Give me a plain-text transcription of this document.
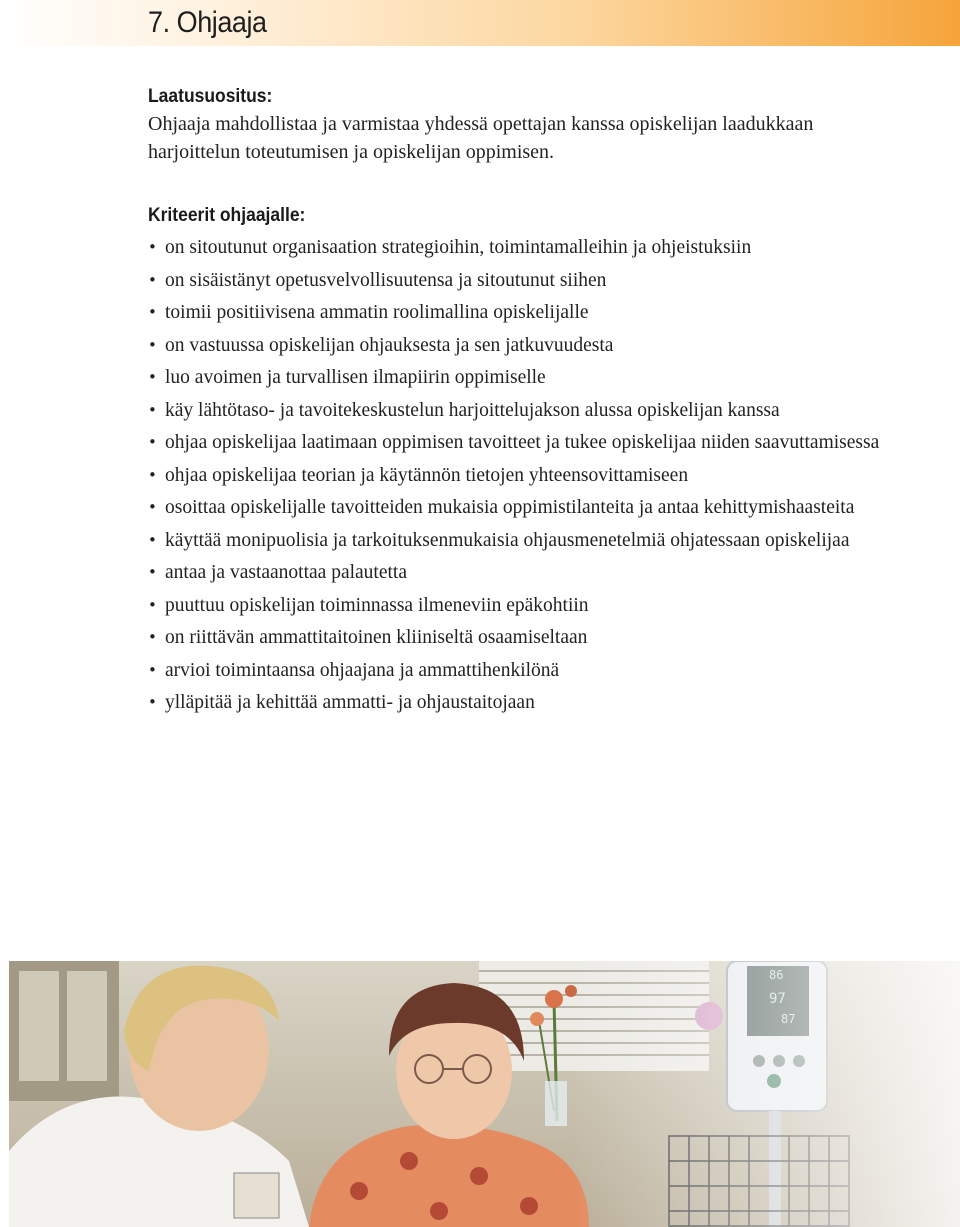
7. Ohjaaja

Laatusuositus:

Ohjaaja mahdollistaa ja varmistaa yhdessä opettajan kanssa opiskelijan laadukkaan harjoittelun toteutumisen ja opiskelijan oppimisen.

Kriteerit ohjaajalle:

• on sitoutunut organisaation strategioihin, toimintamalleihin ja ohjeistuksiin
• on sisäistänyt opetusvelvollisuutensa ja sitoutunut siihen
• toimii positiivisena ammatin roolimallina opiskelijalle
• on vastuussa opiskelijan ohjauksesta ja sen jatkuvuudesta
• luo avoimen ja turvallisen ilmapiirin oppimiselle
• käy lähtötaso- ja tavoitekeskustelun harjoittelujakson alussa opiskelijan kanssa
• ohjaa opiskelijaa laatimaan oppimisen tavoitteet ja tukee opiskelijaa niiden saavuttamisessa
• ohjaa opiskelijaa teorian ja käytännön tietojen yhteensovittamiseen
• osoittaa opiskelijalle tavoitteiden mukaisia oppimistilanteita ja antaa kehittymishaasteita
• käyttää monipuolisia ja tarkoituksenmukaisia ohjausmenetelmiä ohjatessaan opiskelijaa
• antaa ja vastaanottaa palautetta
• puuttuu opiskelijan toiminnassa ilmeneviin epäkohtiin
• on riittävän ammattitaitoinen kliiniseltä osaamiseltaan
• arvioi toimintaansa ohjaajana ja ammattihenkilönä
• ylläpitää ja kehittää ammatti- ja ohjaustaitojaan
